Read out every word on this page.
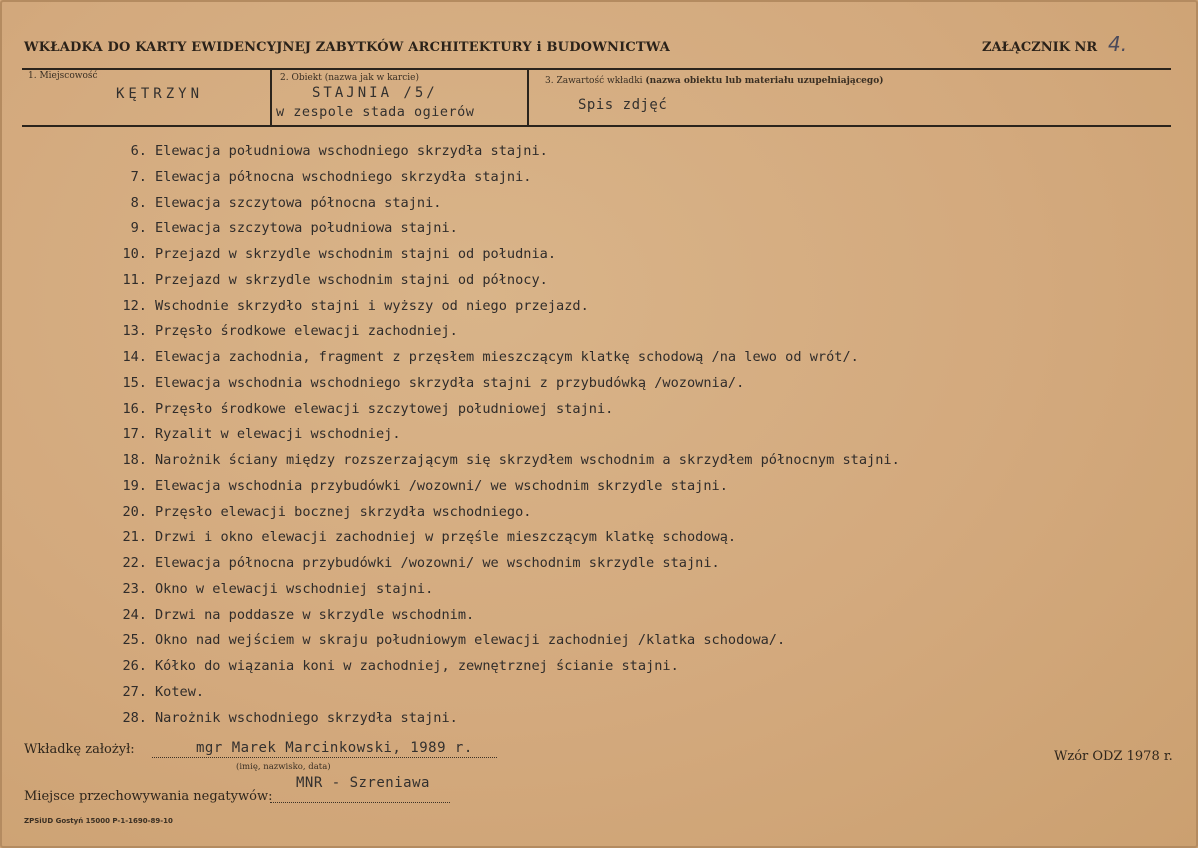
WKŁADKA DO KARTY EWIDENCYJNEJ ZABYTKÓW ARCHITEKTURY i BUDOWNICTWA	ZAŁĄCZNIK NR 4.
1. Miejscowość
KĘTRZYN
2. Obiekt (nazwa jak w karcie)
STAJNIA /5/
w zespole stada ogierów
3. Zawartość wkładki (nazwa obiektu lub materiału uzupełniającego)
Spis zdjęć
6. Elewacja południowa wschodniego skrzydła stajni.
7. Elewacja północna wschodniego skrzydła stajni.
8. Elewacja szczytowa północna stajni.
9. Elewacja szczytowa południowa stajni.
10. Przejazd w skrzydle wschodnim stajni od południa.
11. Przejazd w skrzydle wschodnim stajni od północy.
12. Wschodnie skrzydło stajni i wyższy od niego przejazd.
13. Przęsło środkowe elewacji zachodniej.
14. Elewacja zachodnia, fragment z przęsłem mieszczącym klatkę schodową /na lewo od wrót/.
15. Elewacja wschodnia wschodniego skrzydła stajni z przybudówką /wozownia/.
16. Przęsło środkowe elewacji szczytowej południowej stajni.
17. Ryzalit w elewacji wschodniej.
18. Narożnik ściany między rozszerzającym się skrzydłem wschodnim a skrzydłem północnym stajni.
19. Elewacja wschodnia przybudówki /wozowni/ we wschodnim skrzydle stajni.
20. Przęsło elewacji bocznej skrzydła wschodniego.
21. Drzwi i okno elewacji zachodniej w przęśle mieszczącym klatkę schodową.
22. Elewacja północna przybudówki /wozowni/ we wschodnim skrzydle stajni.
23. Okno w elewacji wschodniej stajni.
24. Drzwi na poddasze w skrzydle wschodnim.
25. Okno nad wejściem w skraju południowym elewacji zachodniej /klatka schodowa/.
26. Kółko do wiązania koni w zachodniej, zewnętrznej ścianie stajni.
27. Kotew.
28. Narożnik wschodniego skrzydła stajni.
Wkładkę założył:	mgr Marek Marcinkowski, 1989 r.
(imię, nazwisko, data)
MNR - Szreniawa
Miejsce przechowywania negatywów:
Wzór ODZ 1978 r.
ZPSiUD Gostyń 15000 P-1-1690-89-10
